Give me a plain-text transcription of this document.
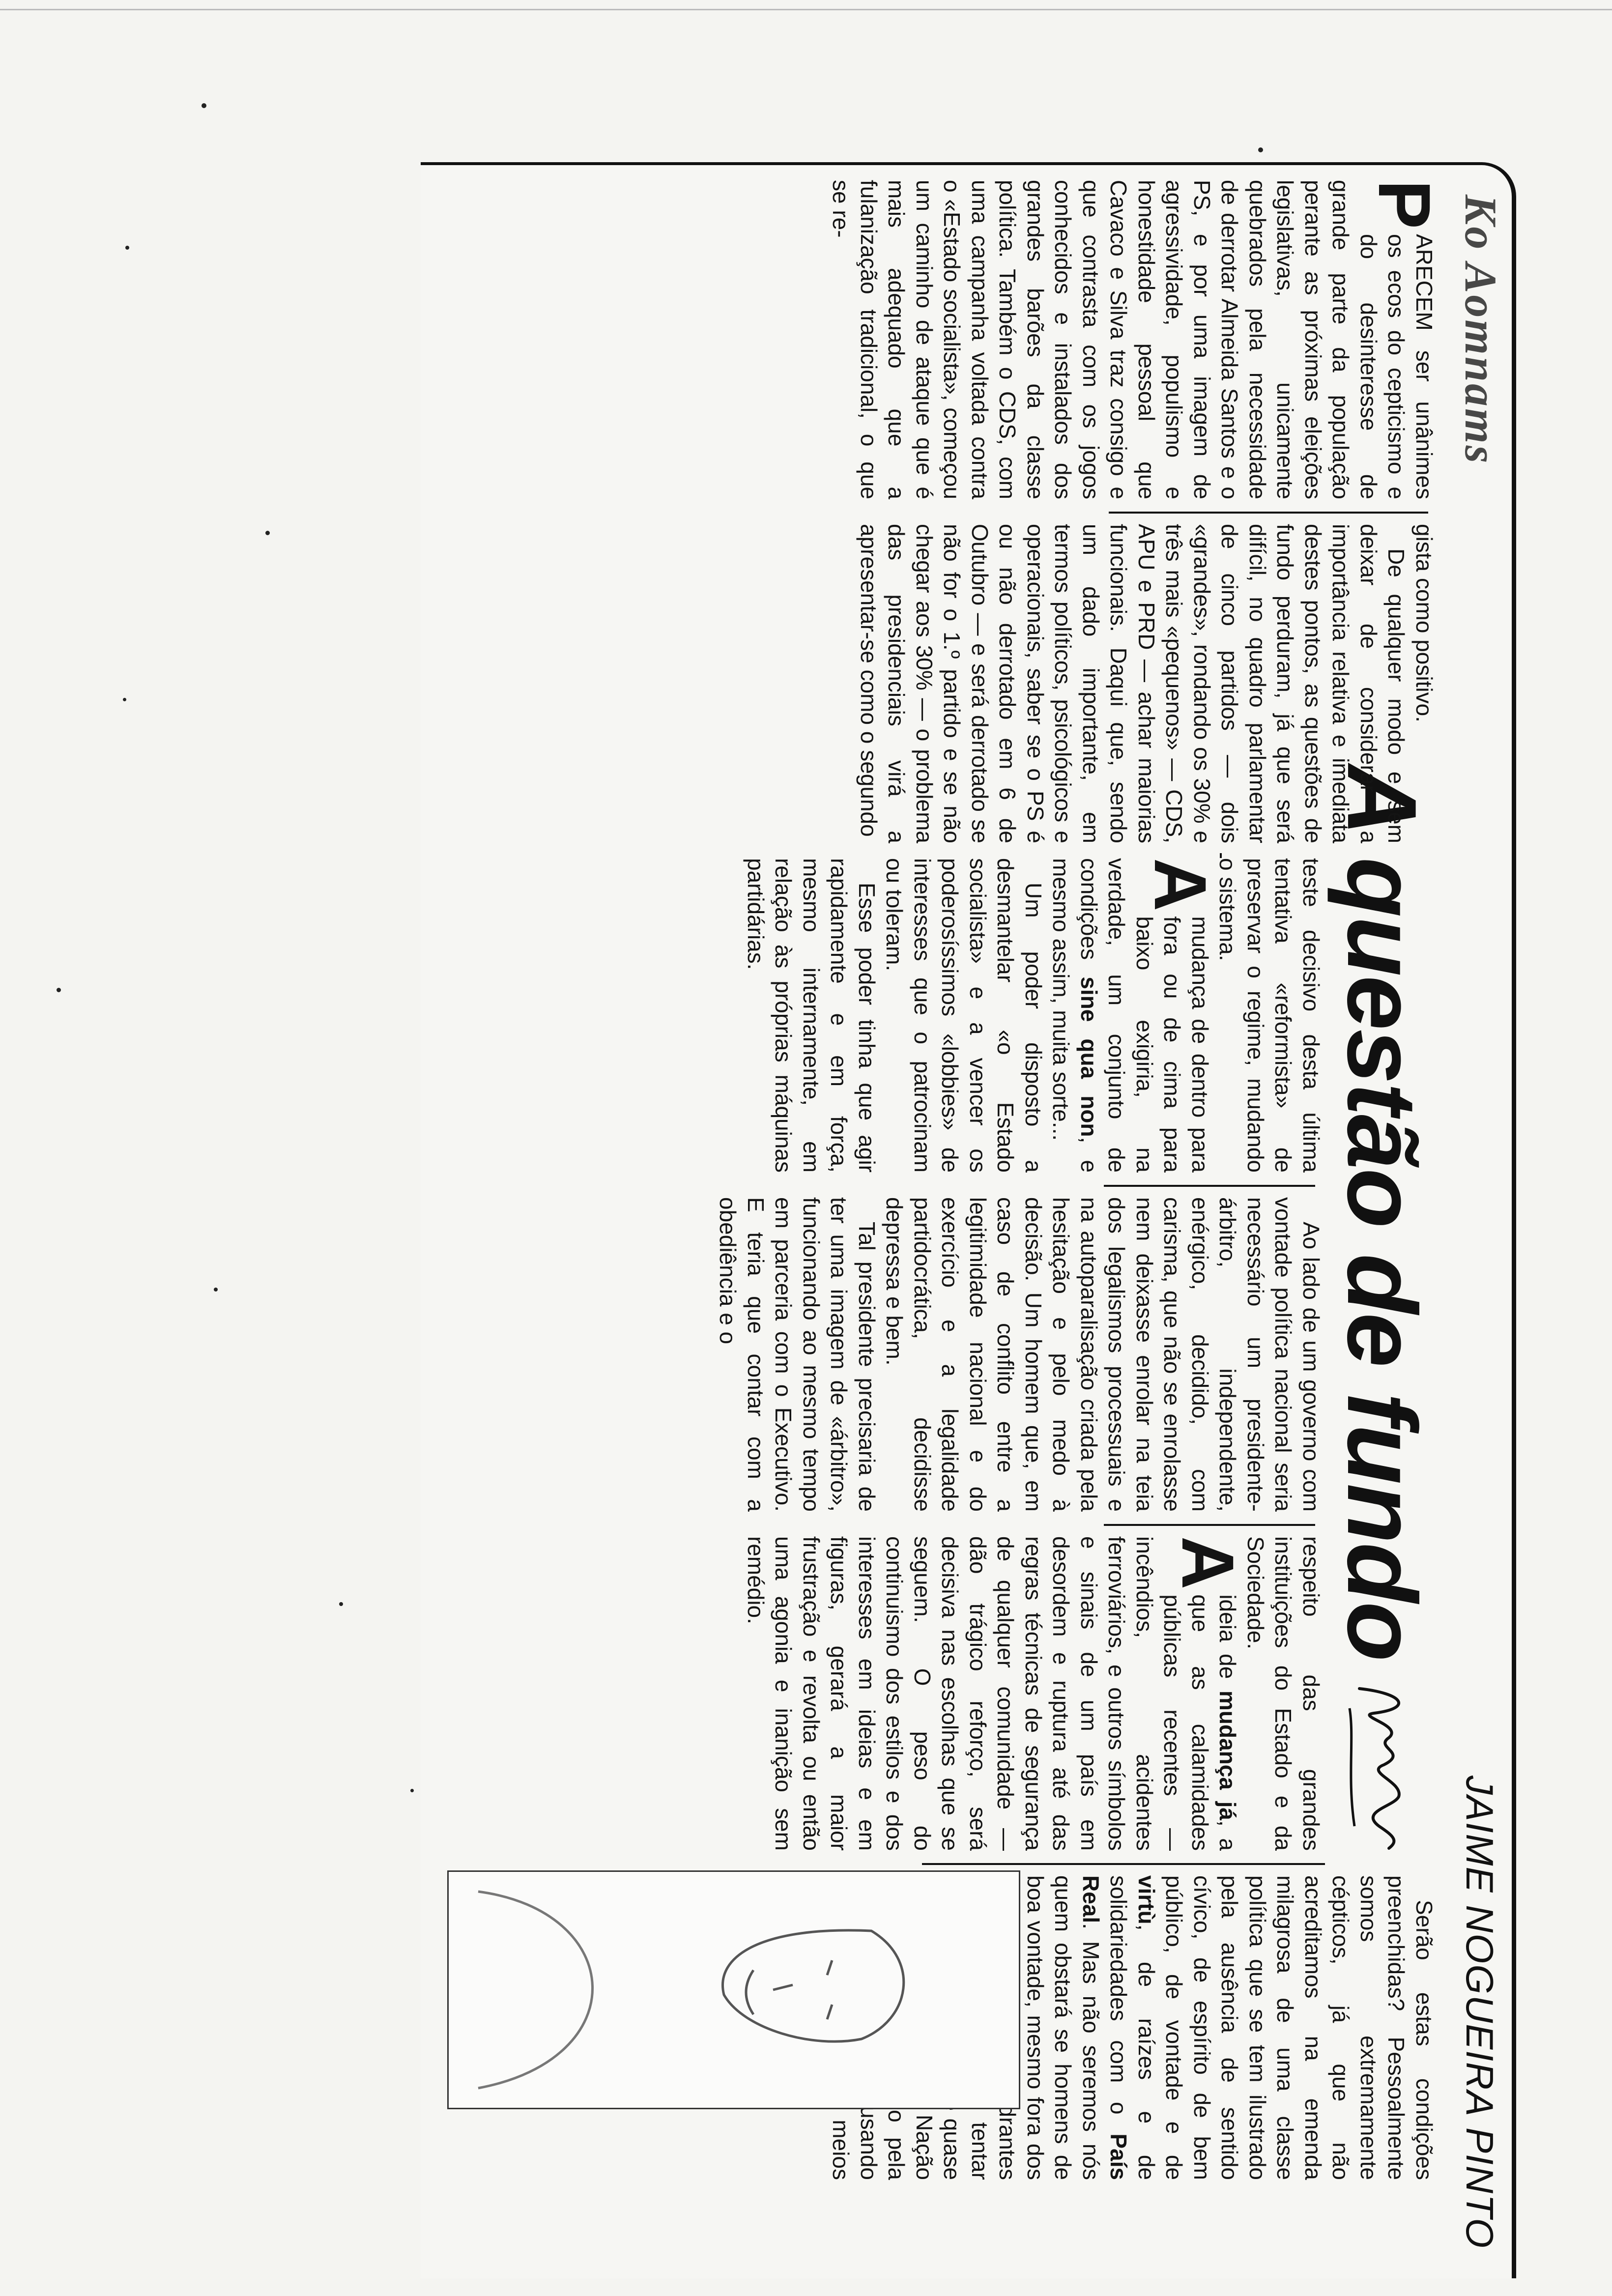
Ko Aomnams
JAIME NOGUEIRA PINTO
A questão de fundo

P
ARECEM ser unânimes os ecos do cepticismo e do desinteresse de grande parte da população perante as próximas eleições legislativas, unicamente quebrados pela necessidade de derrotar Almeida Santos e o PS, e por uma imagem de agressividade, populismo e honestidade pessoal que Cavaco e Silva traz consigo e que contrasta com os jogos conhecidos e instalados dos grandes barões da classe política. Também o CDS, com uma campanha voltada contra o «Estado socialista», começou um caminho de ataque que é mais adequado que a fulanização tradicional, o que se re-

gista como positivo.

De qualquer modo e sem deixar de considerar a importância relativa e imediata destes pontos, as questões de fundo perduram, já que será difícil, no quadro parlamentar de cinco partidos — dois «grandes», rondando os 30% e três mais «pequenos» — CDS, APU e PRD — achar maiorias funcionais. Daqui que, sendo um dado importante, em termos políticos, psicológicos e operacionais, saber se o PS é ou não derrotado em 6 de Outubro — e será derrotado se não for o 1.º partido e se não chegar aos 30% — o problema das presidenciais virá a apresentar-se como o segundo

teste decisivo desta última tentativa «reformista» de preservar o regime, mudando o sistema.

A
mudança de dentro para fora ou de cima para baixo exigiria, na verdade, um conjunto de condições sine qua non, e mesmo assim, muita sorte...

Um poder disposto a desmantelar «o Estado socialista» e a vencer os poderosíssimos «lobbies» de interesses que o patrocinam ou toleram.

Esse poder tinha que agir rapidamente e em força, mesmo internamente, em relação às próprias máquinas partidárias.

Ao lado de um governo com vontade política nacional seria necessário um presidente-árbitro, independente, enérgico, decidido, com carisma, que não se enrolasse nem deixasse enrolar na teia dos legalismos processuais e na autoparalisação criada pela hesitação e pelo medo à decisão. Um homem que, em caso de conflito entre a legitimidade nacional e do exercício e a legalidade partidocrática, decidisse depressa e bem.

Tal presidente precisaria de ter uma imagem de «árbitro», funcionando ao mesmo tempo em parceria com o Executivo. E teria que contar com a obediência e o

respeito das grandes instituições do Estado e da Sociedade.

A
ideia de mudança já, a que as calamidades públicas recentes — incêndios, acidentes ferroviários, e outros símbolos e sinais de um país em desordem e ruptura até das regras técnicas de segurança de qualquer comunidade — dão trágico reforço, será decisiva nas escolhas que se seguem. O peso do continuismo dos estilos e dos interesses em ideias e em figuras, gerará a maior frustração e revolta ou então uma agonia e inanição sem remédio.

Serão estas condições preenchidas? Pessoalmente somos extremamente cépticos, já que não acreditamos na emenda milagrosa de uma classe política que se tem ilustrado pela ausência de sentido cívico, de espírito de bem público, de vontade e de virtù, de raízes e de solidariedades com o País Real. Mas não seremos nós quem obstará se homens de boa vontade, mesmo fora dos quadrantes tentar quase Nação pela usando meios
